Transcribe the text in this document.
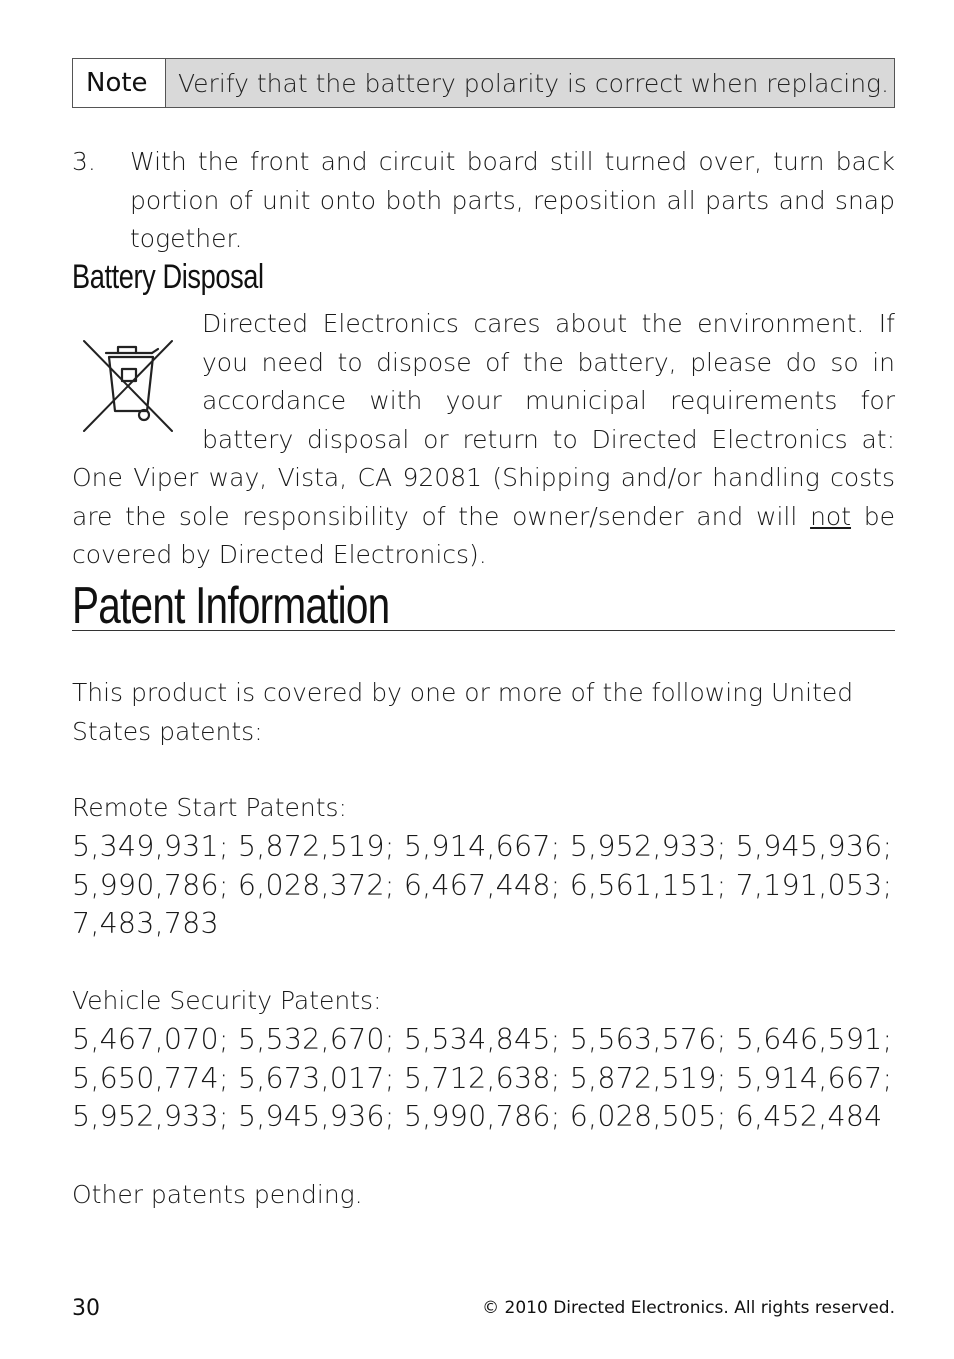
Note	Verify that the battery polarity is correct when replacing.
3.	With the front and circuit board still turned over, turn back portion of unit onto both parts, reposition all parts and snap together.
Battery Disposal
Directed Electronics cares about the environment. If you need to dispose of the battery, please do so in accordance with your municipal requirements for battery disposal or return to Directed Electronics at: One Viper way, Vista, CA 92081 (Shipping and/or handling costs are the sole responsibility of the owner/sender and will not be covered by Directed Electronics).
Patent Information
This product is covered by one or more of the following United States patents:
Remote Start Patents:
5,349,931; 5,872,519; 5,914,667; 5,952,933; 5,945,936; 5,990,786; 6,028,372; 6,467,448; 6,561,151; 7,191,053; 7,483,783
Vehicle Security Patents:
5,467,070; 5,532,670; 5,534,845; 5,563,576; 5,646,591; 5,650,774; 5,673,017; 5,712,638; 5,872,519; 5,914,667; 5,952,933; 5,945,936; 5,990,786; 6,028,505; 6,452,484
Other patents pending.
30	© 2010 Directed Electronics. All rights reserved.
